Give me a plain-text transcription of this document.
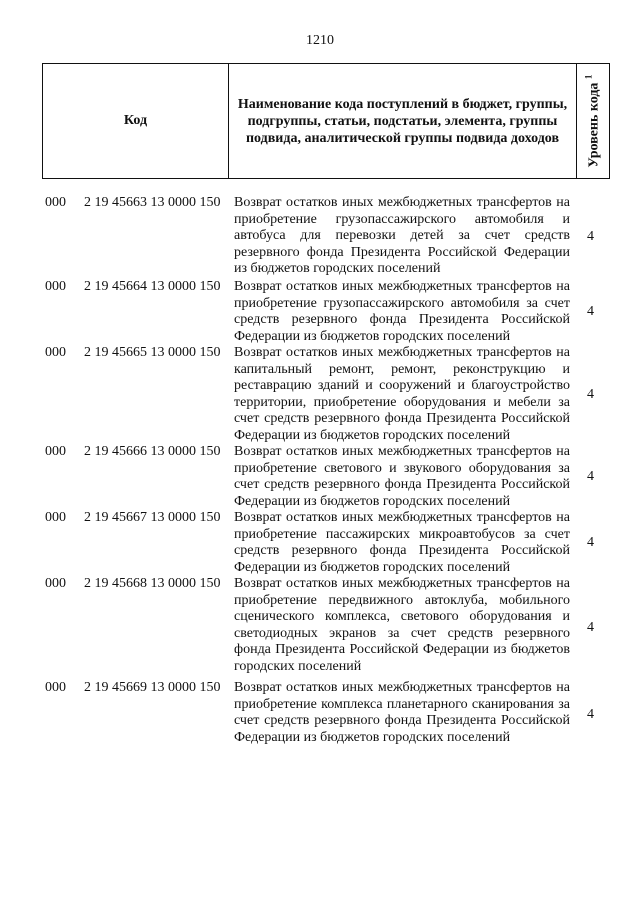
1210
Код
Наименование кода поступлений в бюджет, группы, подгруппы, статьи, подстатьи, элемента, группы подвида, аналитической группы подвида доходов	Уровень кода $^1$
000 2 19 45663 13 0000 150 Возврат остатков иных межбюджетных трансфертов на приобретение грузопассажирского автомобиля и автобуса для перевозки детей за счет средств резервного фонда Президента Российской Федерации из бюджетов городских поселений
4
000 2 19 45664 13 0000 150 Возврат остатков иных межбюджетных трансфертов на приобретение грузопассажирского автомобиля за счет средств резервного фонда Президента Российской Федерации из бюджетов городских поселений
4
000 2 19 45665 13 0000 150 Возврат остатков иных межбюджетных трансфертов на капитальный ремонт, ремонт, реконструкцию и реставрацию зданий и сооружений и благоустройство территории, приобретение оборудования и мебели за счет средств резервного фонда Президента Российской Федерации из бюджетов городских поселений
4
000 2 19 45666 13 0000 150 Возврат остатков иных межбюджетных трансфертов на приобретение светового и звукового оборудования за счет средств резервного фонда Президента Российской Федерации из бюджетов городских поселений
4
000 2 19 45667 13 0000 150 Возврат остатков иных межбюджетных трансфертов на приобретение пассажирских микроавтобусов за счет средств резервного фонда Президента Российской Федерации из бюджетов городских поселений
4
000 2 19 45668 13 0000 150 Возврат остатков иных межбюджетных трансфертов на приобретение передвижного автоклуба, мобильного сценического комплекса, светового оборудования и светодиодных экранов за счет средств резервного фонда Президента Российской Федерации из бюджетов городских поселений
4
000 2 19 45669 13 0000 150 Возврат остатков иных межбюджетных трансфертов на приобретение комплекса планетарного сканирования за счет средств резервного фонда Президента Российской Федерации из бюджетов городских поселений
4
